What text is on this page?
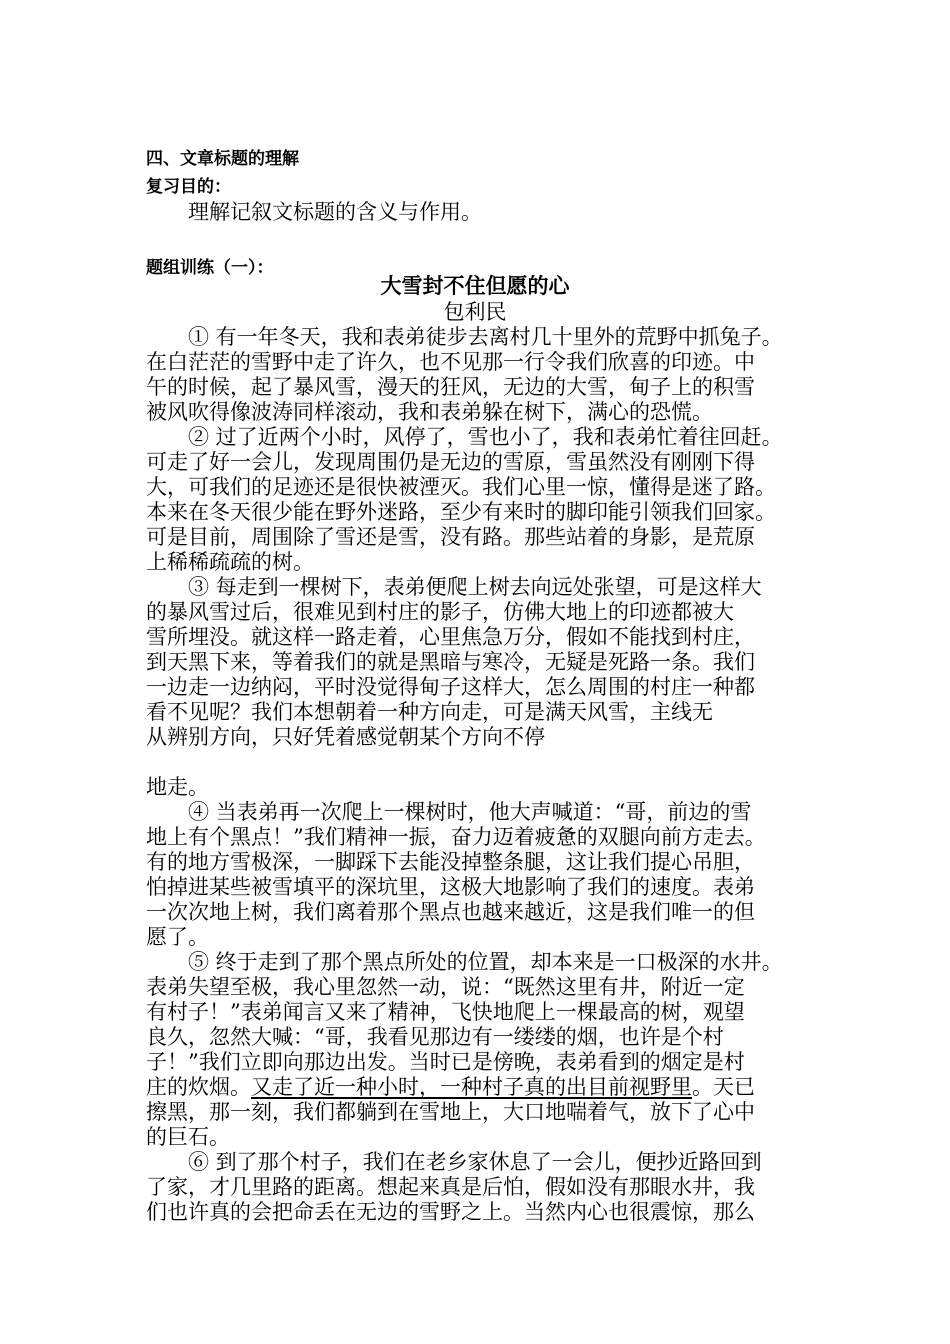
四、文章标题的理解
复习目的：
理解记叙文标题的含义与作用。
题组训练（一）：
大雪封不住但愿的心
包利民
① 有一年冬天，我和表弟徒步去离村几十里外的荒野中抓兔子。
在白茫茫的雪野中走了许久，也不见那一行令我们欣喜的印迹。中
午的时候，起了暴风雪，漫天的狂风，无边的大雪，甸子上的积雪
被风吹得像波涛同样滚动，我和表弟躲在树下，满心的恐慌。
② 过了近两个小时，风停了，雪也小了，我和表弟忙着往回赶。
可走了好一会儿，发现周围仍是无边的雪原，雪虽然没有刚刚下得
大，可我们的足迹还是很快被湮灭。我们心里一惊，懂得是迷了路。
本来在冬天很少能在野外迷路，至少有来时的脚印能引领我们回家。
可是目前，周围除了雪还是雪，没有路。那些站着的身影，是荒原
上稀稀疏疏的树。
③ 每走到一棵树下，表弟便爬上树去向远处张望，可是这样大
的暴风雪过后，很难见到村庄的影子，仿佛大地上的印迹都被大
雪所埋没。就这样一路走着，心里焦急万分，假如不能找到村庄，
到天黑下来，等着我们的就是黑暗与寒冷，无疑是死路一条。我们
一边走一边纳闷，平时没觉得甸子这样大，怎么周围的村庄一种都
看不见呢？我们本想朝着一种方向走，可是满天风雪，主线无
从辨别方向，只好凭着感觉朝某个方向不停
地走。
④ 当表弟再一次爬上一棵树时，他大声喊道：“哥，前边的雪
地上有个黑点！”我们精神一振，奋力迈着疲惫的双腿向前方走去。
有的地方雪极深，一脚踩下去能没掉整条腿，这让我们提心吊胆，
怕掉进某些被雪填平的深坑里，这极大地影响了我们的速度。表弟
一次次地上树，我们离着那个黑点也越来越近，这是我们唯一的但
愿了。
⑤ 终于走到了那个黑点所处的位置，却本来是一口极深的水井。
表弟失望至极，我心里忽然一动，说：“既然这里有井，附近一定
有村子！”表弟闻言又来了精神，飞快地爬上一棵最高的树，观望
良久，忽然大喊：“哥，我看见那边有一缕缕的烟，也许是个村
子！”我们立即向那边出发。当时已是傍晚，表弟看到的烟定是村
庄的炊烟。又走了近一种小时，一种村子真的出目前视野里。天已
擦黑，那一刻，我们都躺到在雪地上，大口地喘着气，放下了心中
的巨石。
⑥ 到了那个村子，我们在老乡家休息了一会儿，便抄近路回到
了家，才几里路的距离。想起来真是后怕，假如没有那眼水井，我
们也许真的会把命丢在无边的雪野之上。当然内心也很震惊，那么
